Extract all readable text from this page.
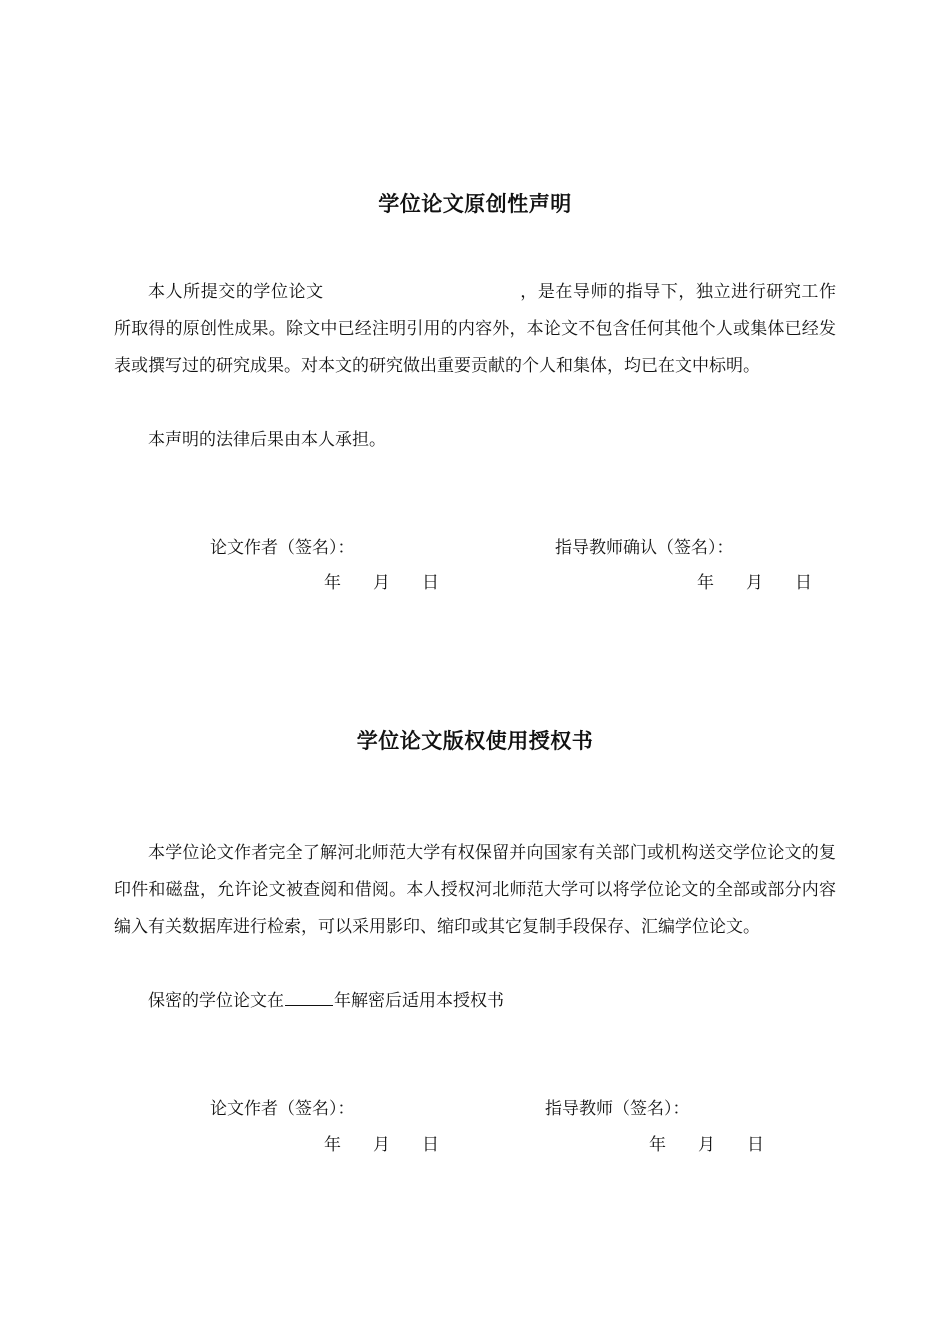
学位论文原创性声明

本人所提交的学位论文	，是在导师的指导下，独立进行研究工作所取得的原创性成果。除文中已经注明引用的内容外，本论文不包含任何其他个人或集体已经发表或撰写过的研究成果。对本文的研究做出重要贡献的个人和集体，均已在文中标明。

本声明的法律后果由本人承担。

论文作者（签名）：	指导教师确认（签名）：
年 月 日	年 月 日
学位论文版权使用授权书

本学位论文作者完全了解河北师范大学有权保留并向国家有关部门或机构送交学位论文的复印件和磁盘，允许论文被查阅和借阅。本人授权河北师范大学可以将学位论文的全部或部分内容编入有关数据库进行检索，可以采用影印、缩印或其它复制手段保存、汇编学位论文。

保密的学位论文在	年解密后适用本授权书

论文作者（签名）：	指导教师（签名）：
年 月 日	年 月 日
